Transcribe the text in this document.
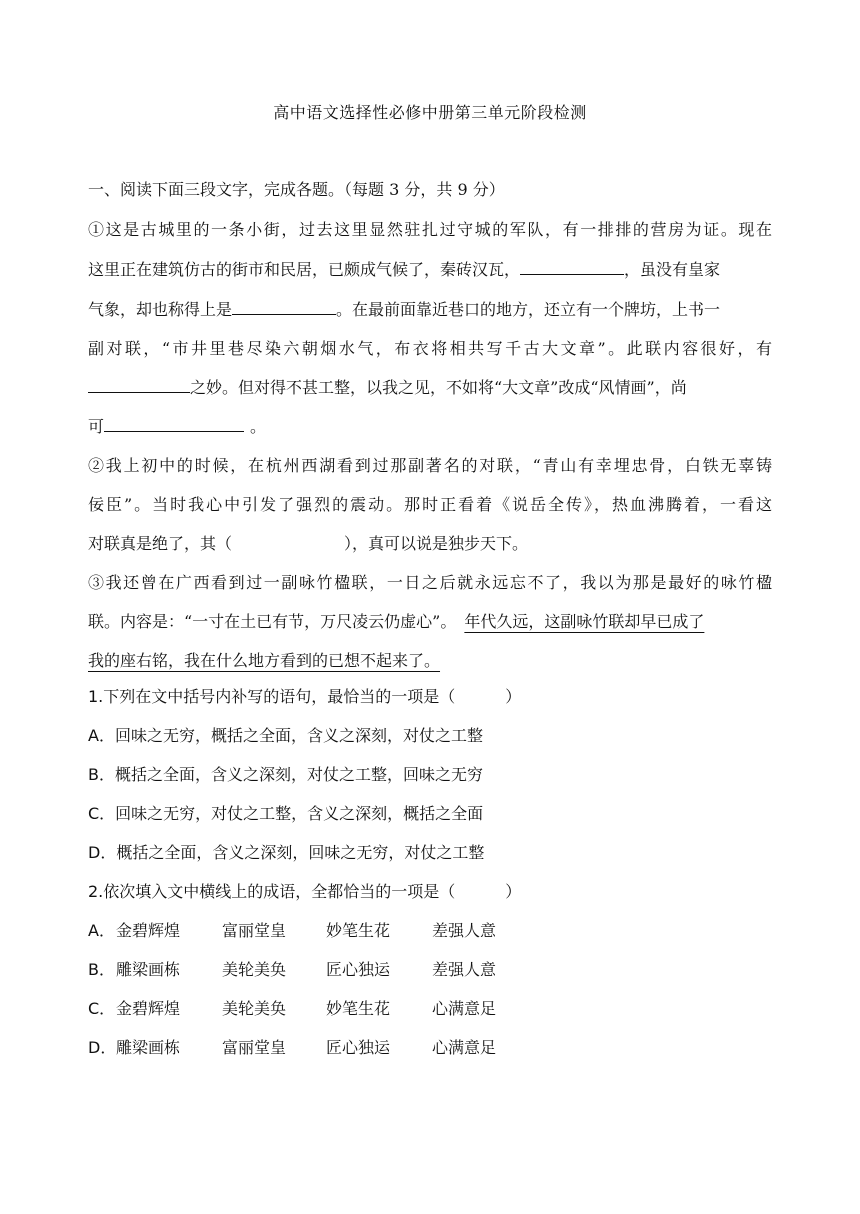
高中语文选择性必修中册第三单元阶段检测
一、阅读下面三段文字，完成各题。（每题 3 分，共 9 分）
①这是古城里的一条小街，过去这里显然驻扎过守城的军队，有一排排的营房为证。现在
这里正在建筑仿古的街市和民居，已颇成气候了，秦砖汉瓦，	，虽没有皇家
气象，却也称得上是	。在最前面靠近巷口的地方，还立有一个牌坊，上书一
副对联，“市井里巷尽染六朝烟水气，布衣将相共写千古大文章”。此联内容很好，有
之妙。但对得不甚工整，以我之见，不如将“大文章”改成“风情画”，尚
可	。
②我上初中的时候，在杭州西湖看到过那副著名的对联，“青山有幸埋忠骨，白铁无辜铸
佞臣”。当时我心中引发了强烈的震动。那时正看着《说岳全传》，热血沸腾着，一看这
对联真是绝了，其（	），真可以说是独步天下。
③我还曾在广西看到过一副咏竹楹联，一日之后就永远忘不了，我以为那是最好的咏竹楹
联。内容是：“一寸在土已有节，万尺凌云仍虚心”。 年代久远，这副咏竹联却早已成了
我的座右铭，我在什么地方看到的已想不起来了。
1.下列在文中括号内补写的语句，最恰当的一项是（	）
A．回味之无穷，概括之全面，含义之深刻，对仗之工整
B．概括之全面，含义之深刻，对仗之工整，回味之无穷
C．回味之无穷，对仗之工整，含义之深刻，概括之全面
D．概括之全面，含义之深刻，回味之无穷，对仗之工整
2.依次填入文中横线上的成语，全都恰当的一项是（	）
A．金碧辉煌	富丽堂皇 妙笔生花	差强人意
B．雕梁画栋	美轮美奂 匠心独运	差强人意
C．金碧辉煌	美轮美奂 妙笔生花	心满意足
D．雕梁画栋	富丽堂皇 匠心独运	心满意足
